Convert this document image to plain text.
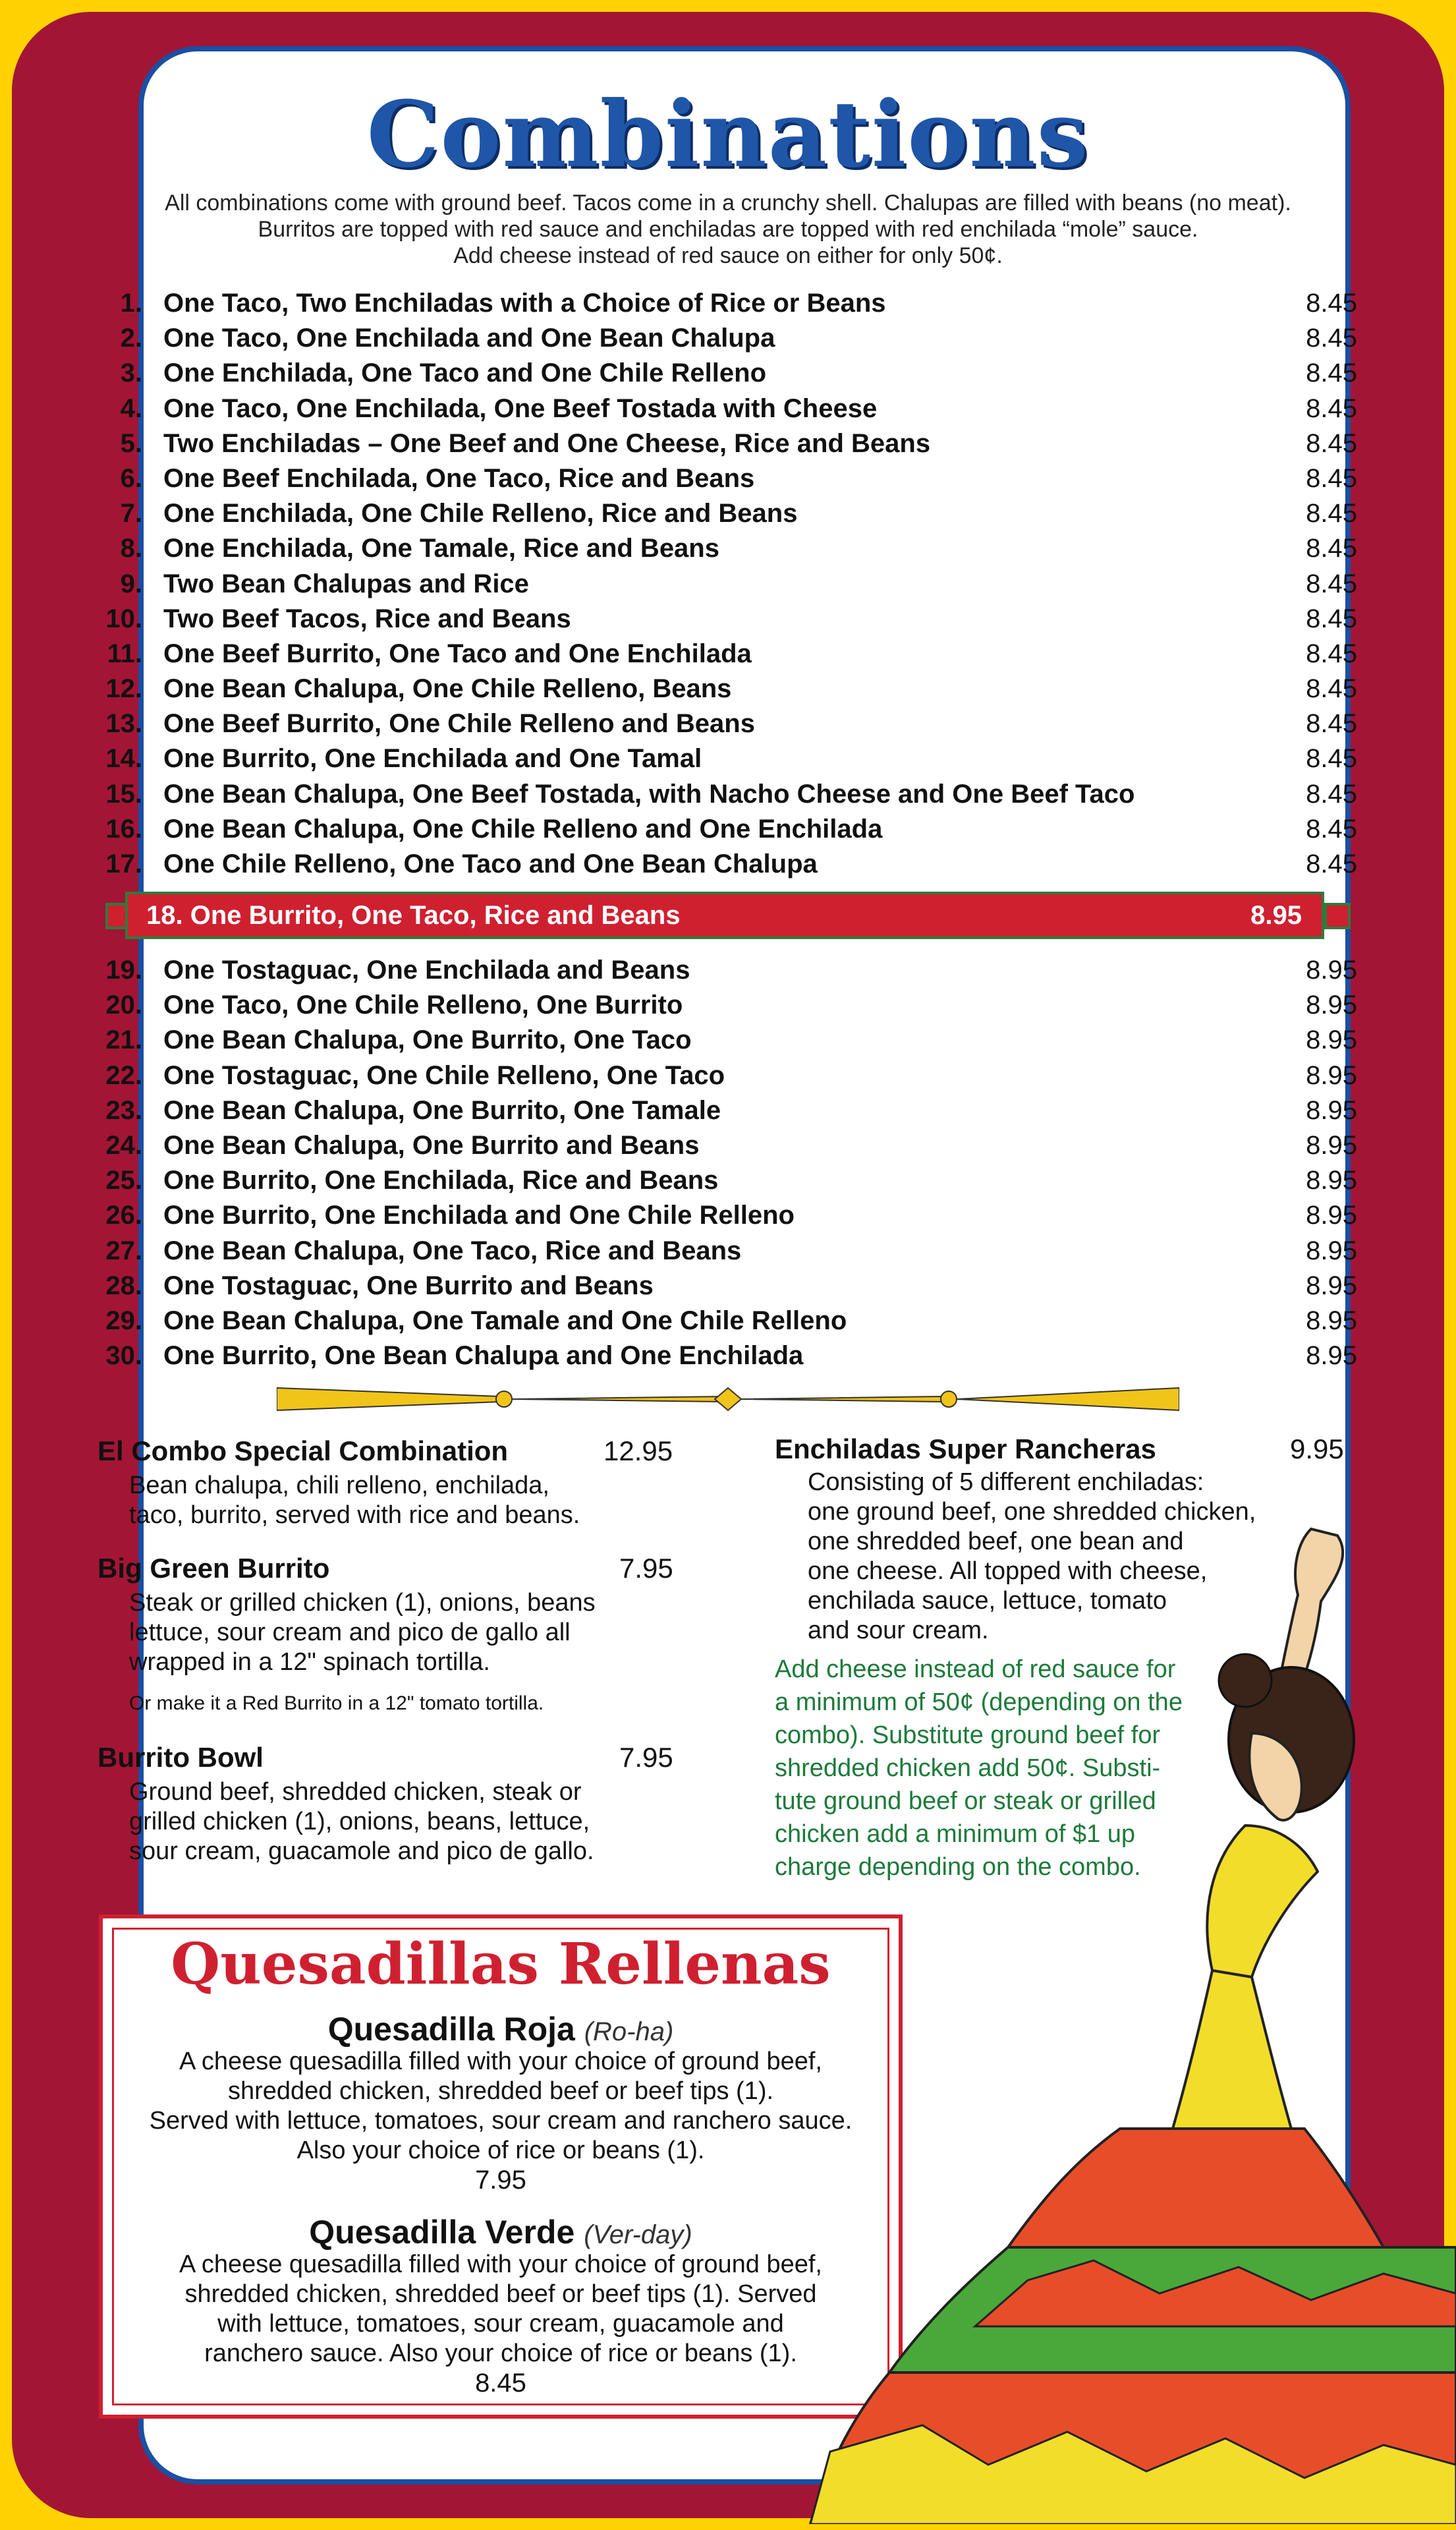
Combinations
All combinations come with ground beef. Tacos come in a crunchy shell. Chalupas are filled with beans (no meat).
Burritos are topped with red sauce and enchiladas are topped with red enchilada “mole” sauce.
Add cheese instead of red sauce on either for only 50¢.
1. One Taco, Two Enchiladas with a Choice of Rice or Beans	8.45
2. One Taco, One Enchilada and One Bean Chalupa	8.45
3. One Enchilada, One Taco and One Chile Relleno	8.45
4. One Taco, One Enchilada, One Beef Tostada with Cheese	8.45
5. Two Enchiladas – One Beef and One Cheese, Rice and Beans	8.45
6. One Beef Enchilada, One Taco, Rice and Beans	8.45
7. One Enchilada, One Chile Relleno, Rice and Beans	8.45
8. One Enchilada, One Tamale, Rice and Beans	8.45
9. Two Bean Chalupas and Rice	8.45
10. Two Beef Tacos, Rice and Beans	8.45
11. One Beef Burrito, One Taco and One Enchilada	8.45
12. One Bean Chalupa, One Chile Relleno, Beans	8.45
13. One Beef Burrito, One Chile Relleno and Beans	8.45
14. One Burrito, One Enchilada and One Tamal	8.45
15. One Bean Chalupa, One Beef Tostada, with Nacho Cheese and One Beef Taco	8.45
16. One Bean Chalupa, One Chile Relleno and One Enchilada	8.45
17. One Chile Relleno, One Taco and One Bean Chalupa	8.45
18. One Burrito, One Taco, Rice and Beans	8.95
19. One Tostaguac, One Enchilada and Beans	8.95
20. One Taco, One Chile Relleno, One Burrito	8.95
21. One Bean Chalupa, One Burrito, One Taco	8.95
22. One Tostaguac, One Chile Relleno, One Taco	8.95
23. One Bean Chalupa, One Burrito, One Tamale	8.95
24. One Bean Chalupa, One Burrito and Beans	8.95
25. One Burrito, One Enchilada, Rice and Beans	8.95
26. One Burrito, One Enchilada and One Chile Relleno	8.95
27. One Bean Chalupa, One Taco, Rice and Beans	8.95
28. One Tostaguac, One Burrito and Beans	8.95
29. One Bean Chalupa, One Tamale and One Chile Relleno	8.95
30. One Burrito, One Bean Chalupa and One Enchilada	8.95
El Combo Special Combination	12.95
Bean chalupa, chili relleno, enchilada,
taco, burrito, served with rice and beans.
Big Green Burrito	7.95
Steak or grilled chicken (1), onions, beans
lettuce, sour cream and pico de gallo all
wrapped in a 12" spinach tortilla.
Or make it a Red Burrito in a 12" tomato tortilla.
Burrito Bowl	7.95
Ground beef, shredded chicken, steak or
grilled chicken (1), onions, beans, lettuce,
sour cream, guacamole and pico de gallo.
Enchiladas Super Rancheras	9.95
Consisting of 5 different enchiladas:
one ground beef, one shredded chicken,
one shredded beef, one bean and
one cheese. All topped with cheese,
enchilada sauce, lettuce, tomato
and sour cream.
Add cheese instead of red sauce for
a minimum of 50¢ (depending on the
combo). Substitute ground beef for
shredded chicken add 50¢. Substi-
tute ground beef or steak or grilled
chicken add a minimum of $1 up
charge depending on the combo.
Quesadillas Rellenas
Quesadilla Roja (Ro-ha)
A cheese quesadilla filled with your choice of ground beef,
shredded chicken, shredded beef or beef tips (1).
Served with lettuce, tomatoes, sour cream and ranchero sauce.
Also your choice of rice or beans (1).
7.95
Quesadilla Verde (Ver-day)
A cheese quesadilla filled with your choice of ground beef,
shredded chicken, shredded beef or beef tips (1). Served
with lettuce, tomatoes, sour cream, guacamole and
ranchero sauce. Also your choice of rice or beans (1).
8.45
